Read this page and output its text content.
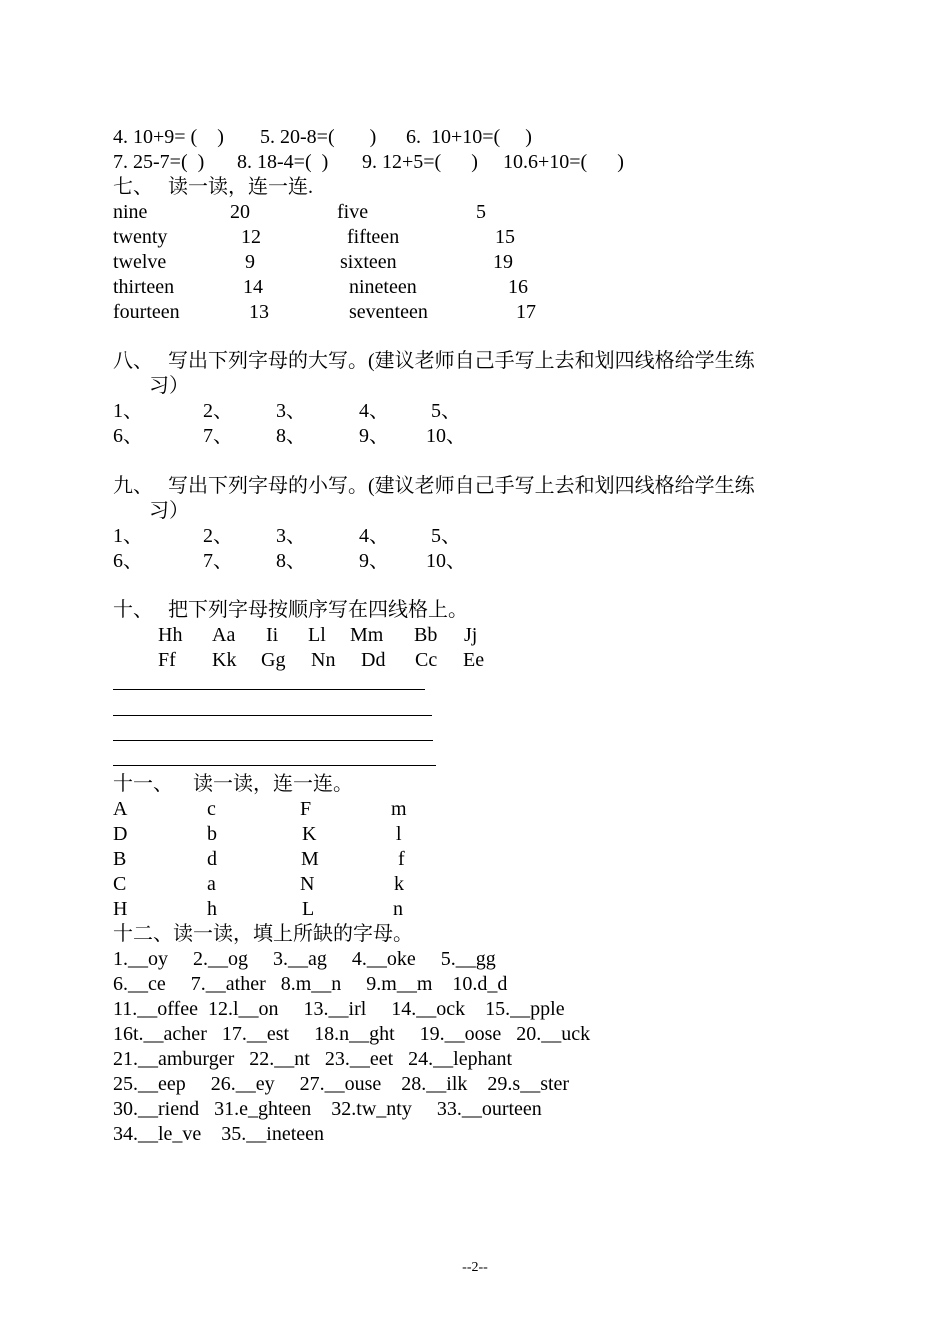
4. 10+9= (    ) 5. 20-8=(       ) 6.  10+10=(     )
7. 25-7=(  ) 8. 18-4=(  ) 9. 12+5=(      ) 10.6+10=(      )
七、   读一读，连一连.
nine	20	five	5
twenty	12	fifteen	15
twelve	9	sixteen	19
thirteen	14	nineteen	16
fourteen	13	seventeen	17
八、   写出下列字母的大写。(建议老师自己手写上去和划四线格给学生练
习）
1、	2、 3、	4、 5、
6、	7、 8、	9、 10、
九、   写出下列字母的小写。(建议老师自己手写上去和划四线格给学生练
习）
1、	2、 3、	4、 5、
6、	7、 8、	9、 10、
十、   把下列字母按顺序写在四线格上。
Hh Aa Ii Ll Mm Bb Jj
Ff Kk Gg Nn Dd Cc Ee
十一、    读一读，连一连。
A	c	F	m
D	b	K	l
B	d	M	f
C	a	N	k
H	h	L	n
十二、读一读，填上所缺的字母。
1.__oy     2.__og     3.__ag     4.__oke     5.__gg
6.__ce     7.__ather   8.m__n     9.m__m    10.d_d
11.__offee  12.l__on     13.__irl     14.__ock    15.__pple
16t.__acher   17.__est     18.n__ght     19.__oose   20.__uck
21.__amburger   22.__nt   23.__eet   24.__lephant
25.__eep     26.__ey     27.__ouse    28.__ilk    29.s__ster
30.__riend   31.e_ghteen    32.tw_nty     33.__ourteen
34.__le_ve    35.__ineteen
--2--
